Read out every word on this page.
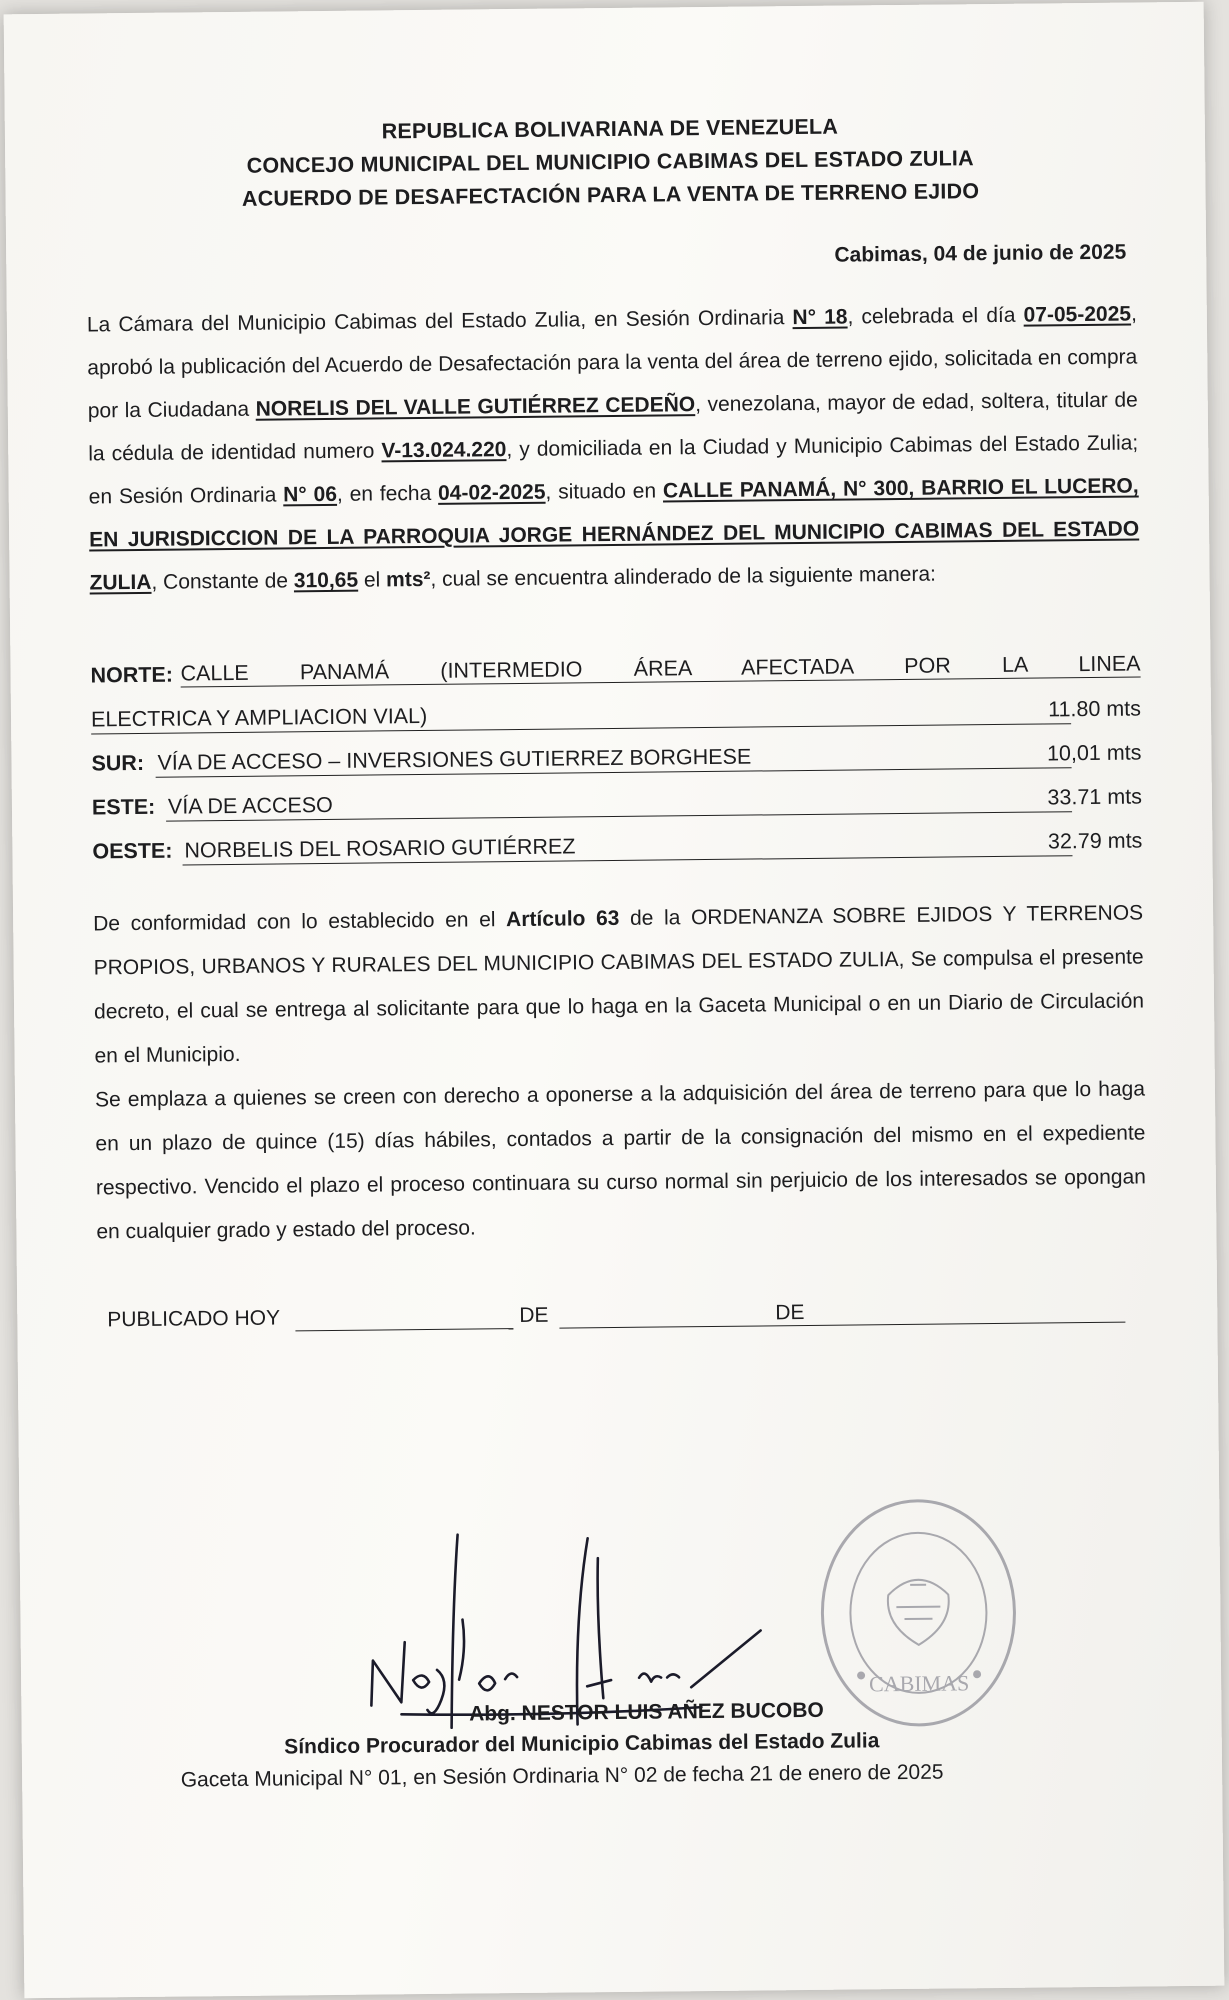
REPUBLICA BOLIVARIANA DE VENEZUELA
CONCEJO MUNICIPAL DEL MUNICIPIO CABIMAS DEL ESTADO ZULIA
ACUERDO DE DESAFECTACIÓN PARA LA VENTA DE TERRENO EJIDO
Cabimas, 04 de junio de 2025
La Cámara del Municipio Cabimas del Estado Zulia, en Sesión Ordinaria N° 18, celebrada el día 07-05-2025, aprobó la publicación del Acuerdo de Desafectación para la venta del área de terreno ejido, solicitada en compra por la Ciudadana NORELIS DEL VALLE GUTIÉRREZ CEDEÑO, venezolana, mayor de edad, soltera, titular de la cédula de identidad numero V-13.024.220, y domiciliada en la Ciudad y Municipio Cabimas del Estado Zulia; en Sesión Ordinaria N° 06, en fecha 04-02-2025, situado en CALLE PANAMÁ, N° 300, BARRIO EL LUCERO, EN JURISDICCION DE LA PARROQUIA JORGE HERNÁNDEZ DEL MUNICIPIO CABIMAS DEL ESTADO ZULIA, Constante de 310,65 el mts², cual se encuentra alinderado de la siguiente manera:
NORTE: CALLE PANAMÁ (INTERMEDIO ÁREA AFECTADA POR LA LINEA
ELECTRICA Y AMPLIACION VIAL)	11.80 mts
SUR: VÍA DE ACCESO – INVERSIONES GUTIERREZ BORGHESE	10,01 mts
ESTE: VÍA DE ACCESO	33.71 mts
OESTE: NORBELIS DEL ROSARIO GUTIÉRREZ	32.79 mts

De conformidad con lo establecido en el Artículo 63 de la ORDENANZA SOBRE EJIDOS Y TERRENOS PROPIOS, URBANOS Y RURALES DEL MUNICIPIO CABIMAS DEL ESTADO ZULIA, Se compulsa el presente decreto, el cual se entrega al solicitante para que lo haga en la Gaceta Municipal o en un Diario de Circulación en el Municipio.

Se emplaza a quienes se creen con derecho a oponerse a la adquisición del área de terreno para que lo haga en un plazo de quince (15) días hábiles, contados a partir de la consignación del mismo en el expediente respectivo. Vencido el plazo el proceso continuara su curso normal sin perjuicio de los interesados se opongan en cualquier grado y estado del proceso.

PUBLICADO HOY	DE	DE
CABIMAS
Abg. NESTOR LUIS AÑEZ BUCOBO
Síndico Procurador del Municipio Cabimas del Estado Zulia
Gaceta Municipal N° 01, en Sesión Ordinaria N° 02 de fecha 21 de enero de 2025
